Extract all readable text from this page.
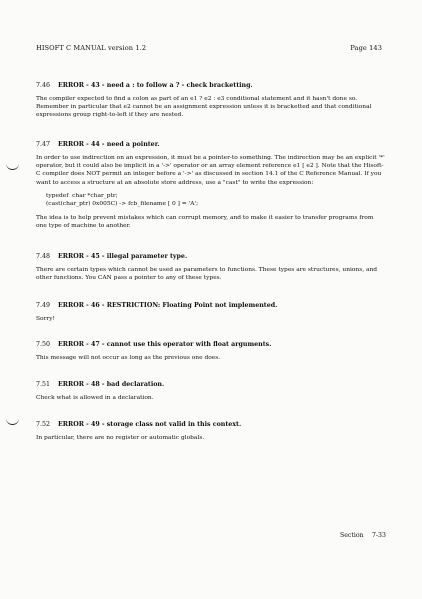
HISOFT C MANUAL version 1.2	Page 143
7.46 ERROR - 43 - need a : to follow a ? - check bracketting.

The compiler expected to find a colon as part of an e1 ? e2 : e3 conditional statement and it hasn't done so. Remember in particular that e2 cannot be an assignment expression unless it is bracketted and that conditional expressions group right-to-left if they are nested.

7.47 ERROR - 44 - need a pointer.

In order to use indirection on an expression, it must be a pointer-to something. The indirection may be an explicit '*' operator, but it could also be implicit in a '->' operator or an array element reference e1 [ e2 ]. Note that the Hisoft-C compiler does NOT permit an integer before a '->' as discussed in section 14.1 of the C Reference Manual. If you want to access a structure at an absolute store address, use a "cast" to write the expression:

typedef  char *char_ptr;
(cast(char_ptr) 0x005C) -> fcb_filename [ 0 ] = 'A';

The idea is to help prevent mistakes which can corrupt memory, and to make it easier to transfer programs from one type of machine to another.

7.48 ERROR - 45 - illegal parameter type.

There are certain types which cannot be used as parameters to functions. These types are structures, unions, and other functions. You CAN pass a pointer to any of these types.

7.49 ERROR - 46 - RESTRICTION: Floating Point not implemented.

Sorry!

7.50 ERROR - 47 - cannot use this operator with float arguments.

This message will not occur as long as the previous one does.

7.51 ERROR - 48 - bad declaration.

Check what is allowed in a declaration.

7.52 ERROR - 49 - storage class not valid in this context.

In particular, there are no register or automatic globals.

Section 7-33
